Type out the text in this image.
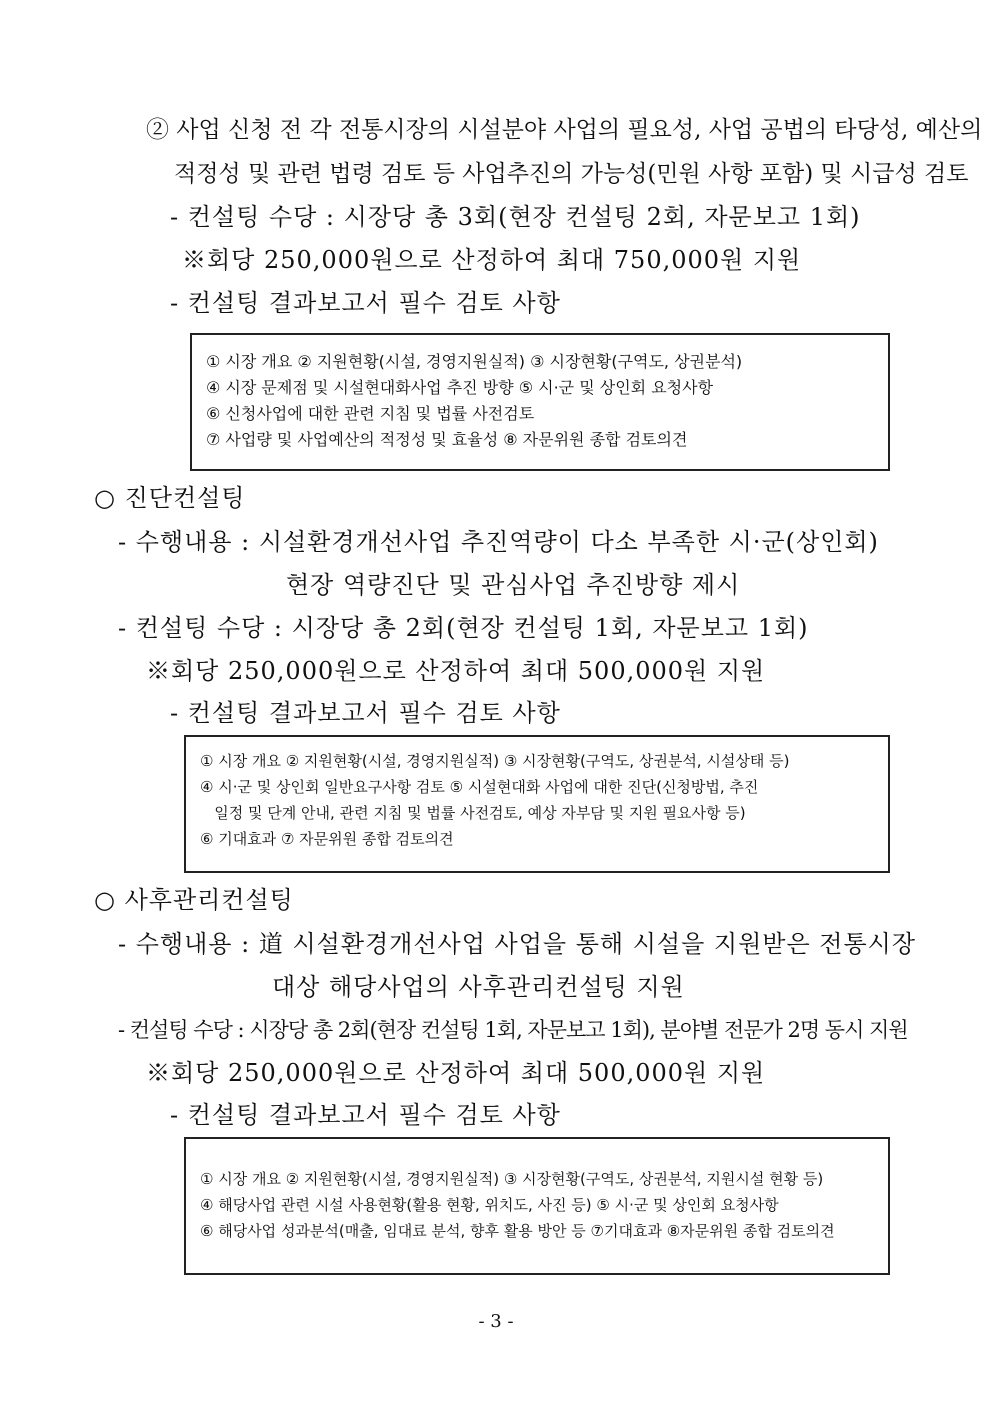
② 사업 신청 전 각 전통시장의 시설분야 사업의 필요성, 사업 공법의 타당성, 예산의
적정성 및 관련 법령 검토 등 사업추진의 가능성(민원 사항 포함) 및 시급성 검토
- 컨설팅 수당 : 시장당 총 3회(현장 컨설팅 2회, 자문보고 1회)
※회당 250,000원으로 산정하여 최대 750,000원 지원
- 컨설팅 결과보고서 필수 검토 사항
① 시장 개요 ② 지원현황(시설, 경영지원실적) ③ 시장현황(구역도, 상권분석)
④ 시장 문제점 및 시설현대화사업 추진 방향 ⑤ 시·군 및 상인회 요청사항
⑥ 신청사업에 대한 관련 지침 및 법률 사전검토
⑦ 사업량 및 사업예산의 적정성 및 효율성 ⑧ 자문위원 종합 검토의견
○ 진단컨설팅
- 수행내용 : 시설환경개선사업 추진역량이 다소 부족한 시·군(상인회)
현장 역량진단 및 관심사업 추진방향 제시
- 컨설팅 수당 : 시장당 총 2회(현장 컨설팅 1회, 자문보고 1회)
※회당 250,000원으로 산정하여 최대 500,000원 지원
- 컨설팅 결과보고서 필수 검토 사항
① 시장 개요 ② 지원현황(시설, 경영지원실적) ③ 시장현황(구역도, 상권분석, 시설상태 등)
④ 시·군 및 상인회 일반요구사항 검토 ⑤ 시설현대화 사업에 대한 진단(신청방법, 추진
일정 및 단계 안내, 관련 지침 및 법률 사전검토, 예상 자부담 및 지원 필요사항 등)
⑥ 기대효과 ⑦ 자문위원 종합 검토의견
○ 사후관리컨설팅
- 수행내용 : 道 시설환경개선사업 사업을 통해 시설을 지원받은 전통시장
대상 해당사업의 사후관리컨설팅 지원
- 컨설팅 수당 : 시장당 총 2회(현장 컨설팅 1회, 자문보고 1회), 분야별 전문가 2명 동시 지원
※회당 250,000원으로 산정하여 최대 500,000원 지원
- 컨설팅 결과보고서 필수 검토 사항
① 시장 개요 ② 지원현황(시설, 경영지원실적) ③ 시장현황(구역도, 상권분석, 지원시설 현황 등)
④ 해당사업 관련 시설 사용현황(활용 현황, 위치도, 사진 등) ⑤ 시·군 및 상인회 요청사항
⑥ 해당사업 성과분석(매출, 임대료 분석, 향후 활용 방안 등 ⑦기대효과 ⑧자문위원 종합 검토의견
- 3 -
